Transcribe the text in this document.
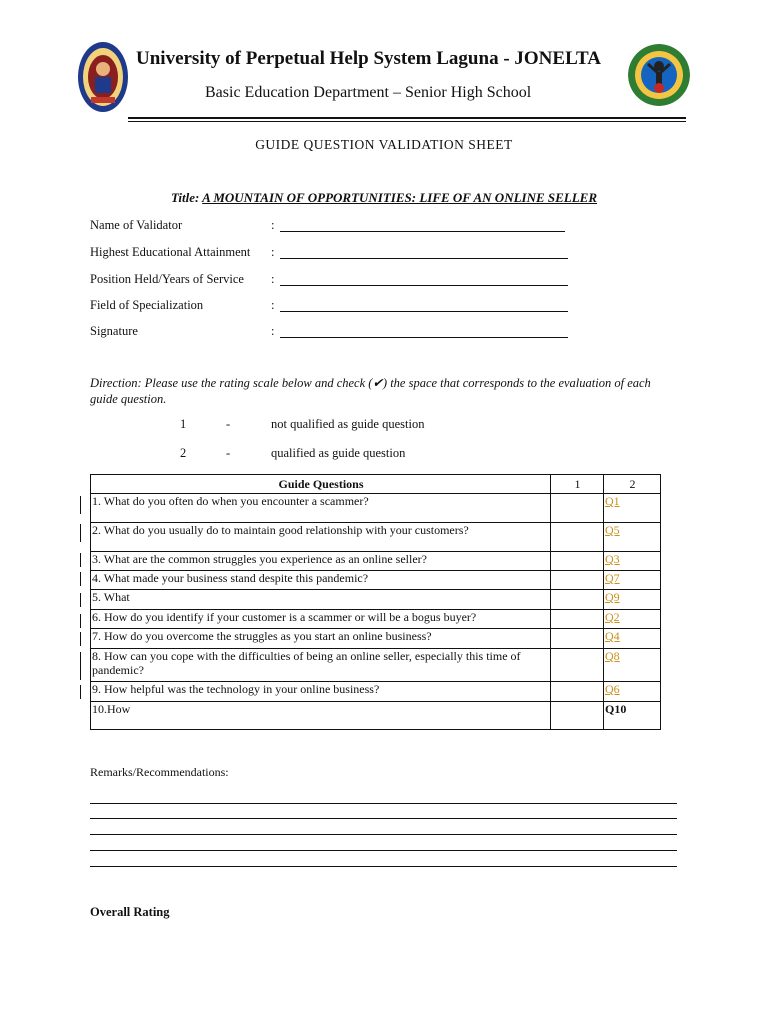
University of Perpetual Help System Laguna - JONELTA
Basic Education Department – Senior High School
GUIDE QUESTION VALIDATION SHEET
Title: A MOUNTAIN OF OPPORTUNITIES: LIFE OF AN ONLINE SELLER
Name of Validator	:
Highest Educational Attainment :
Position Held/Years of Service :
Field of Specialization	:
Signature	:
Direction: Please use the rating scale below and check (✔) the space that corresponds to the evaluation of each guide question.
1	-	not qualified as guide question
2	-	qualified as guide question
Guide Questions	1	2
1. What do you often do when you encounter a scammer?		Q1
2. What do you usually do to maintain good relationship with your customers?		Q5
3. What are the common struggles you experience as an online seller?		Q3
4. What made your business stand despite this pandemic?		Q7
5. What		Q9
6. How do you identify if your customer is a scammer or will be a bogus buyer?		Q2
7. How do you overcome the struggles as you start an online business?		Q4
8. How can you cope with the difficulties of being an online seller, especially this time of pandemic?		Q8
9. How helpful was the technology in your online business?		Q6
10.How		Q10
Remarks/Recommendations:
Overall Rating
